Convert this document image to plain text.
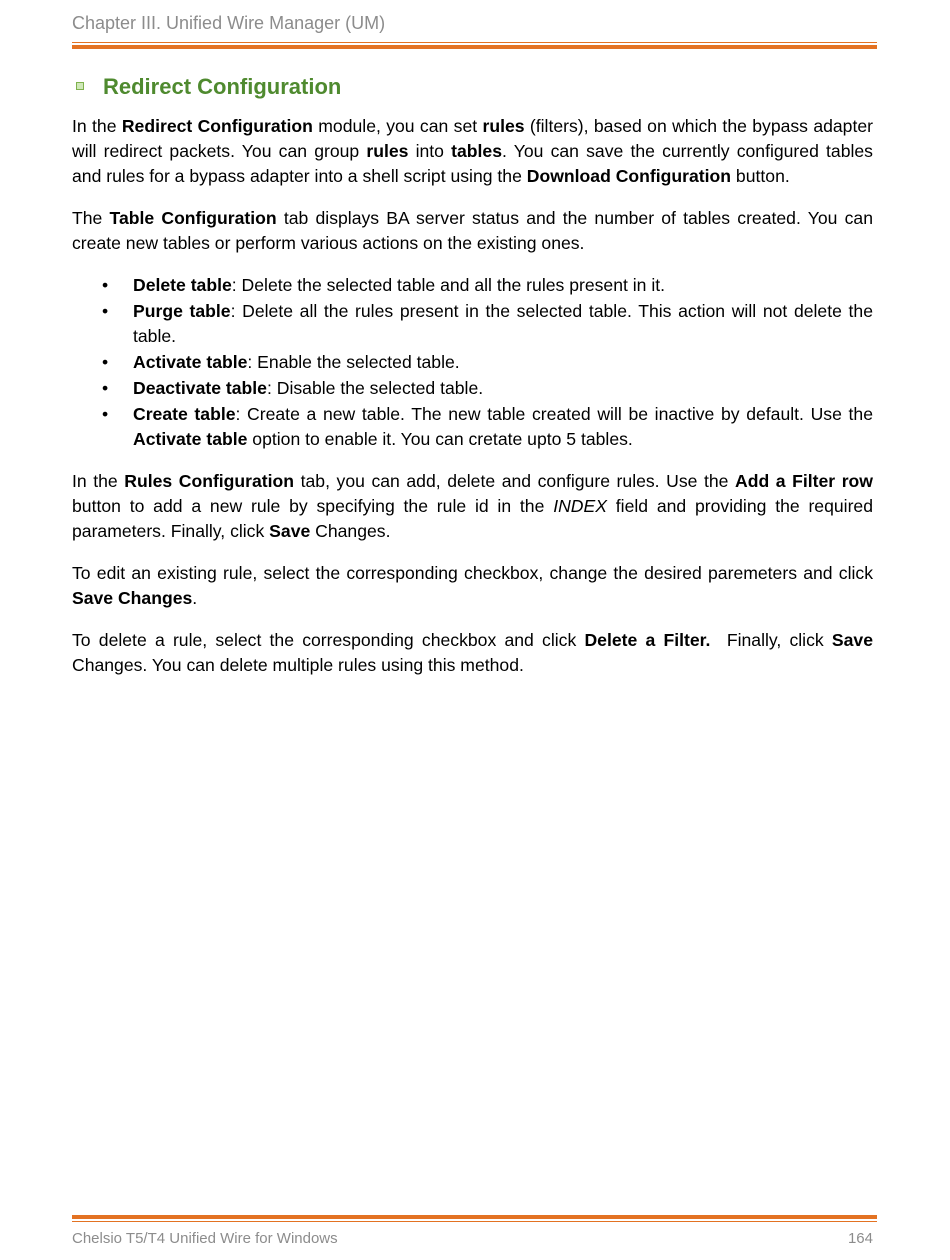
Chapter III. Unified Wire Manager (UM)
Redirect Configuration

In the Redirect Configuration module, you can set rules (filters), based on which the bypass adapter will redirect packets. You can group rules into tables. You can save the currently configured tables and rules for a bypass adapter into a shell script using the Download Configuration button.

The Table Configuration tab displays BA server status and the number of tables created. You can create new tables or perform various actions on the existing ones.

• Delete table: Delete the selected table and all the rules present in it.
• Purge table: Delete all the rules present in the selected table. This action will not delete the table.
• Activate table: Enable the selected table.
• Deactivate table: Disable the selected table.
• Create table: Create a new table. The new table created will be inactive by default. Use the Activate table option to enable it. You can cretate upto 5 tables.

In the Rules Configuration tab, you can add, delete and configure rules. Use the Add a Filter row button to add a new rule by specifying the rule id in the INDEX field and providing the required parameters. Finally, click Save Changes.

To edit an existing rule, select the corresponding checkbox, change the desired paremeters and click Save Changes.

To delete a rule, select the corresponding checkbox and click Delete a Filter.  Finally, click Save Changes. You can delete multiple rules using this method.

Chelsio T5/T4 Unified Wire for Windows	164
